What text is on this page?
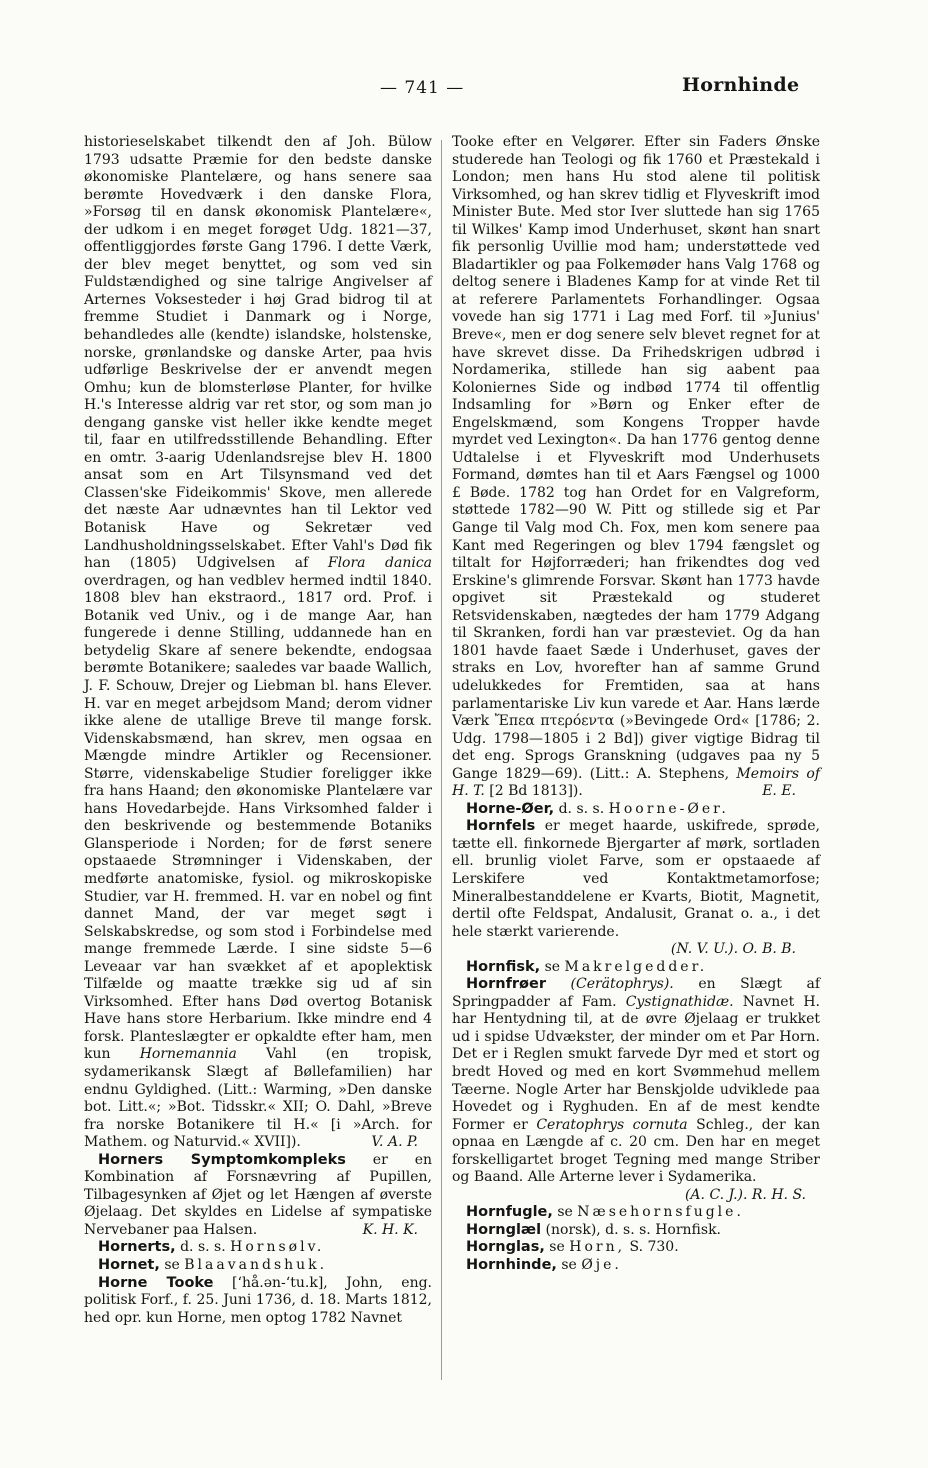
— 741 —	Hornhinde

historieselskabet tilkendt den af Joh. Bülow 1793 udsatte Præmie for den bedste danske økonomiske Plantelære, og hans senere saa berømte Hovedværk i den danske Flora, »Forsøg til en dansk økonomisk Plantelære«, der udkom i en meget forøget Udg. 1821—37, offentliggjordes første Gang 1796. I dette Værk, der blev meget benyttet, og som ved sin Fuldstændighed og sine talrige Angivelser af Arternes Voksesteder i høj Grad bidrog til at fremme Studiet i Danmark og i Norge, behandledes alle (kendte) islandske, holstenske, norske, grønlandske og danske Arter, paa hvis udførlige Beskrivelse der er anvendt megen Omhu; kun de blomsterløse Planter, for hvilke H.'s Interesse aldrig var ret stor, og som man jo dengang ganske vist heller ikke kendte meget til, faar en utilfredsstillende Behandling. Efter en omtr. 3-aarig Udenlandsrejse blev H. 1800 ansat som en Art Tilsynsmand ved det Classen'ske Fideikommis' Skove, men allerede det næste Aar udnævntes han til Lektor ved Botanisk Have og Sekretær ved Landhusholdningsselskabet. Efter Vahl's Død fik han (1805) Udgivelsen af Flora danica overdragen, og han vedblev hermed indtil 1840. 1808 blev han ekstraord., 1817 ord. Prof. i Botanik ved Univ., og i de mange Aar, han fungerede i denne Stilling, uddannede han en betydelig Skare af senere bekendte, endogsaa berømte Botanikere; saaledes var baade Wallich, J. F. Schouw, Drejer og Liebman bl. hans Elever. H. var en meget arbejdsom Mand; derom vidner ikke alene de utallige Breve til mange forsk. Videnskabsmænd, han skrev, men ogsaa en Mængde mindre Artikler og Recensioner. Større, videnskabelige Studier foreligger ikke fra hans Haand; den økonomiske Plantelære var hans Hovedarbejde. Hans Virksomhed falder i den beskrivende og bestemmende Botaniks Glansperiode i Norden; for de først senere opstaaede Strømninger i Videnskaben, der medførte anatomiske, fysiol. og mikroskopiske Studier, var H. fremmed. H. var en nobel og fint dannet Mand, der var meget søgt i Selskabskredse, og som stod i Forbindelse med mange fremmede Lærde. I sine sidste 5—6 Leveaar var han svækket af et apoplektisk Tilfælde og maatte trække sig ud af sin Virksomhed. Efter hans Død overtog Botanisk Have hans store Herbarium. Ikke mindre end 4 forsk. Planteslægter er opkaldte efter ham, men kun Hornemannia Vahl (en tropisk, sydamerikansk Slægt af Bøllefamilien) har endnu Gyldighed. (Litt.: Warming, »Den danske bot. Litt.«; »Bot. Tidsskr.« XII; O. Dahl, »Breve fra norske Botanikere til H.« [i »Arch. for Mathem. og Naturvid.« XVII]).	V. A. P.

Horners Symptomkompleks er en Kombination af Forsnævring af Pupillen, Tilbagesynken af Øjet og let Hængen af øverste Øjelaag. Det skyldes en Lidelse af sympatiske Nervebaner paa Halsen.	K. H. K.

Hornerts, d. s. s. Hornsølv.

Hornet, se Blaavandshuk.

Horne Tooke [ʻhå.ən-ʻtu.k], John, eng. politisk Forf., f. 25. Juni 1736, d. 18. Marts 1812, hed opr. kun Horne, men optog 1782 Navnet

Tooke efter en Velgører. Efter sin Faders Ønske studerede han Teologi og fik 1760 et Præstekald i London; men hans Hu stod alene til politisk Virksomhed, og han skrev tidlig et Flyveskrift imod Minister Bute. Med stor Iver sluttede han sig 1765 til Wilkes' Kamp imod Underhuset, skønt han snart fik personlig Uvillie mod ham; understøttede ved Bladartikler og paa Folkemøder hans Valg 1768 og deltog senere i Bladenes Kamp for at vinde Ret til at referere Parlamentets Forhandlinger. Ogsaa vovede han sig 1771 i Lag med Forf. til »Junius' Breve«, men er dog senere selv blevet regnet for at have skrevet disse. Da Frihedskrigen udbrød i Nordamerika, stillede han sig aabent paa Koloniernes Side og indbød 1774 til offentlig Indsamling for »Børn og Enker efter de Engelskmænd, som Kongens Tropper havde myrdet ved Lexington«. Da han 1776 gentog denne Udtalelse i et Flyveskrift mod Underhusets Formand, dømtes han til et Aars Fængsel og 1000 £ Bøde. 1782 tog han Ordet for en Valgreform, støttede 1782—90 W. Pitt og stillede sig et Par Gange til Valg mod Ch. Fox, men kom senere paa Kant med Regeringen og blev 1794 fængslet og tiltalt for Højforræderi; han frikendtes dog ved Erskine's glimrende Forsvar. Skønt han 1773 havde opgivet sit Præstekald og studeret Retsvidenskaben, nægtedes der ham 1779 Adgang til Skranken, fordi han var præsteviet. Og da han 1801 havde faaet Sæde i Underhuset, gaves der straks en Lov, hvorefter han af samme Grund udelukkedes for Fremtiden, saa at hans parlamentariske Liv kun varede et Aar. Hans lærde Værk Ἔπεα πτερόεντα (»Bevingede Ord« [1786; 2. Udg. 1798—1805 i 2 Bd]) giver vigtige Bidrag til det eng. Sprogs Granskning (udgaves paa ny 5 Gange 1829—69). (Litt.: A. Stephens, Memoirs of H. T. [2 Bd 1813]).	E. E.

Horne-Øer, d. s. s. Hoorne-Øer.

Hornfels er meget haarde, uskifrede, sprøde, tætte ell. finkornede Bjergarter af mørk, sortladen ell. brunlig violet Farve, som er opstaaede af Lerskifere ved Kontaktmetamorfose; Mineralbestanddelene er Kvarts, Biotit, Magnetit, dertil ofte Feldspat, Andalusit, Granat o. a., i det hele stærkt varierende.

(N. V. U.). O. B. B.

Hornfisk, se Makrelgedder.

Hornfrøer (Cerätophrys). en Slægt af Springpadder af Fam. Cystignathidæ. Navnet H. har Hentydning til, at de øvre Øjelaag er trukket ud i spidse Udvækster, der minder om et Par Horn. Det er i Reglen smukt farvede Dyr med et stort og bredt Hoved og med en kort Svømmehud mellem Tæerne. Nogle Arter har Benskjolde udviklede paa Hovedet og i Ryghuden. En af de mest kendte Former er Ceratophrys cornuta Schleg., der kan opnaa en Længde af c. 20 cm. Den har en meget forskelligartet broget Tegning med mange Striber og Baand. Alle Arterne lever i Sydamerika.

(A. C. J.). R. H. S.

Hornfugle, se Næsehornsfugle.

Hornglæl (norsk), d. s. s. Hornfisk.

Hornglas, se Horn, S. 730.

Hornhinde, se Øje.
